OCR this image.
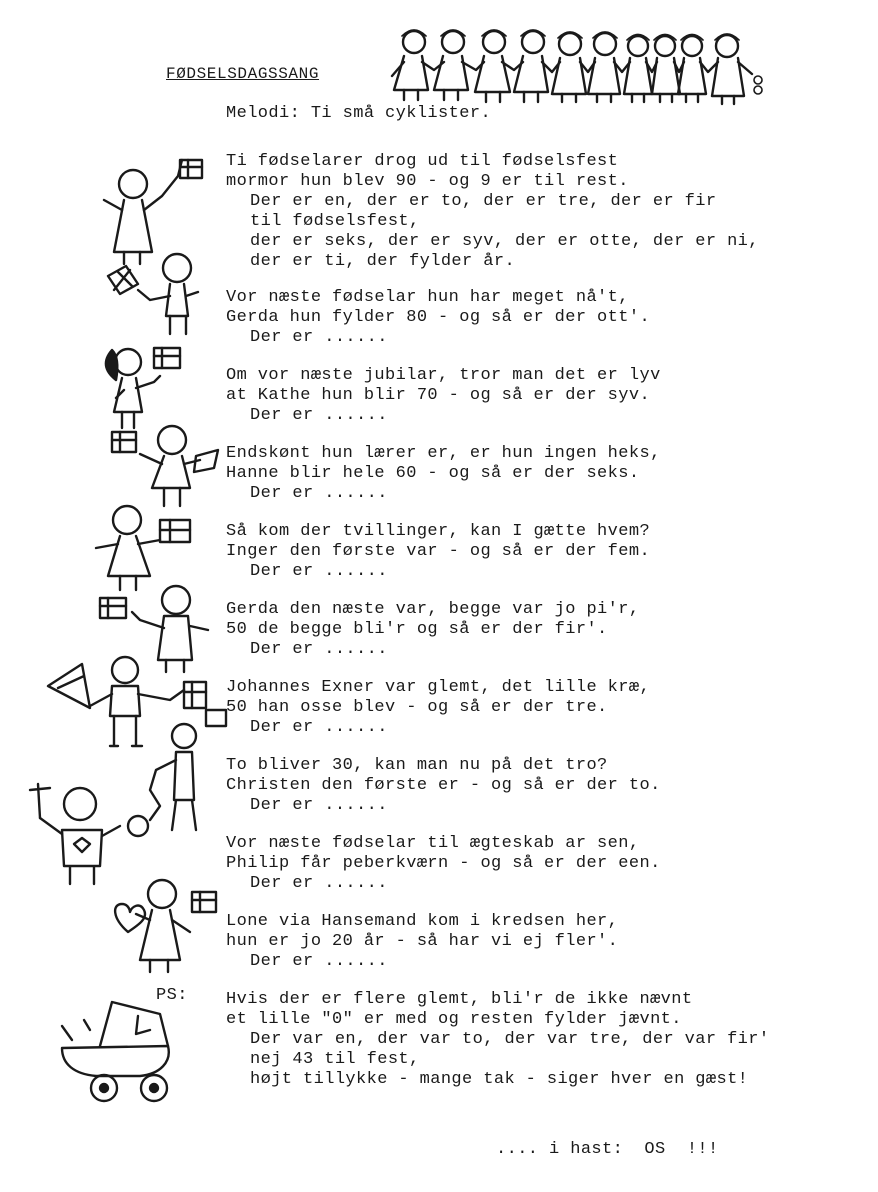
FØDSELSDAGSSANG
Melodi: Ti små cyklister.
Ti fødselarer drog ud til fødselsfest
mormor hun blev 90 - og 9 er til rest.
Der er en, der er to, der er tre, der er fir
til fødselsfest,
der er seks, der er syv, der er otte, der er ni,
der er ti, der fylder år.
Vor næste fødselar hun har meget nå't,
Gerda hun fylder 80 - og så er der ott'.
Der er ......
Om vor næste jubilar, tror man det er lyv
at Kathe hun blir 70 - og så er der syv.
Der er ......
Endskønt hun lærer er, er hun ingen heks,
Hanne blir hele 60 - og så er der seks.
Der er ......
Så kom der tvillinger, kan I gætte hvem?
Inger den første var - og så er der fem.
Der er ......
Gerda den næste var, begge var jo pi'r,
50 de begge bli'r og så er der fir'.
Der er ......
Johannes Exner var glemt, det lille kræ,
50 han osse blev - og så er der tre.
Der er ......
To bliver 30, kan man nu på det tro?
Christen den første er - og så er der to.
Der er ......
Vor næste fødselar til ægteskab ar sen,
Philip får peberkværn - og så er der een.
Der er ......
Lone via Hansemand kom i kredsen her,
hun er jo 20 år - så har vi ej fler'.
Der er ......
PS: Hvis der er flere glemt, bli'r de ikke nævnt
et lille "0" er med og resten fylder jævnt.
Der var en, der var to, der var tre, der var fir'
nej 43 til fest,
højt tillykke - mange tak - siger hver en gæst!
.... i hast:  OS  !!!
